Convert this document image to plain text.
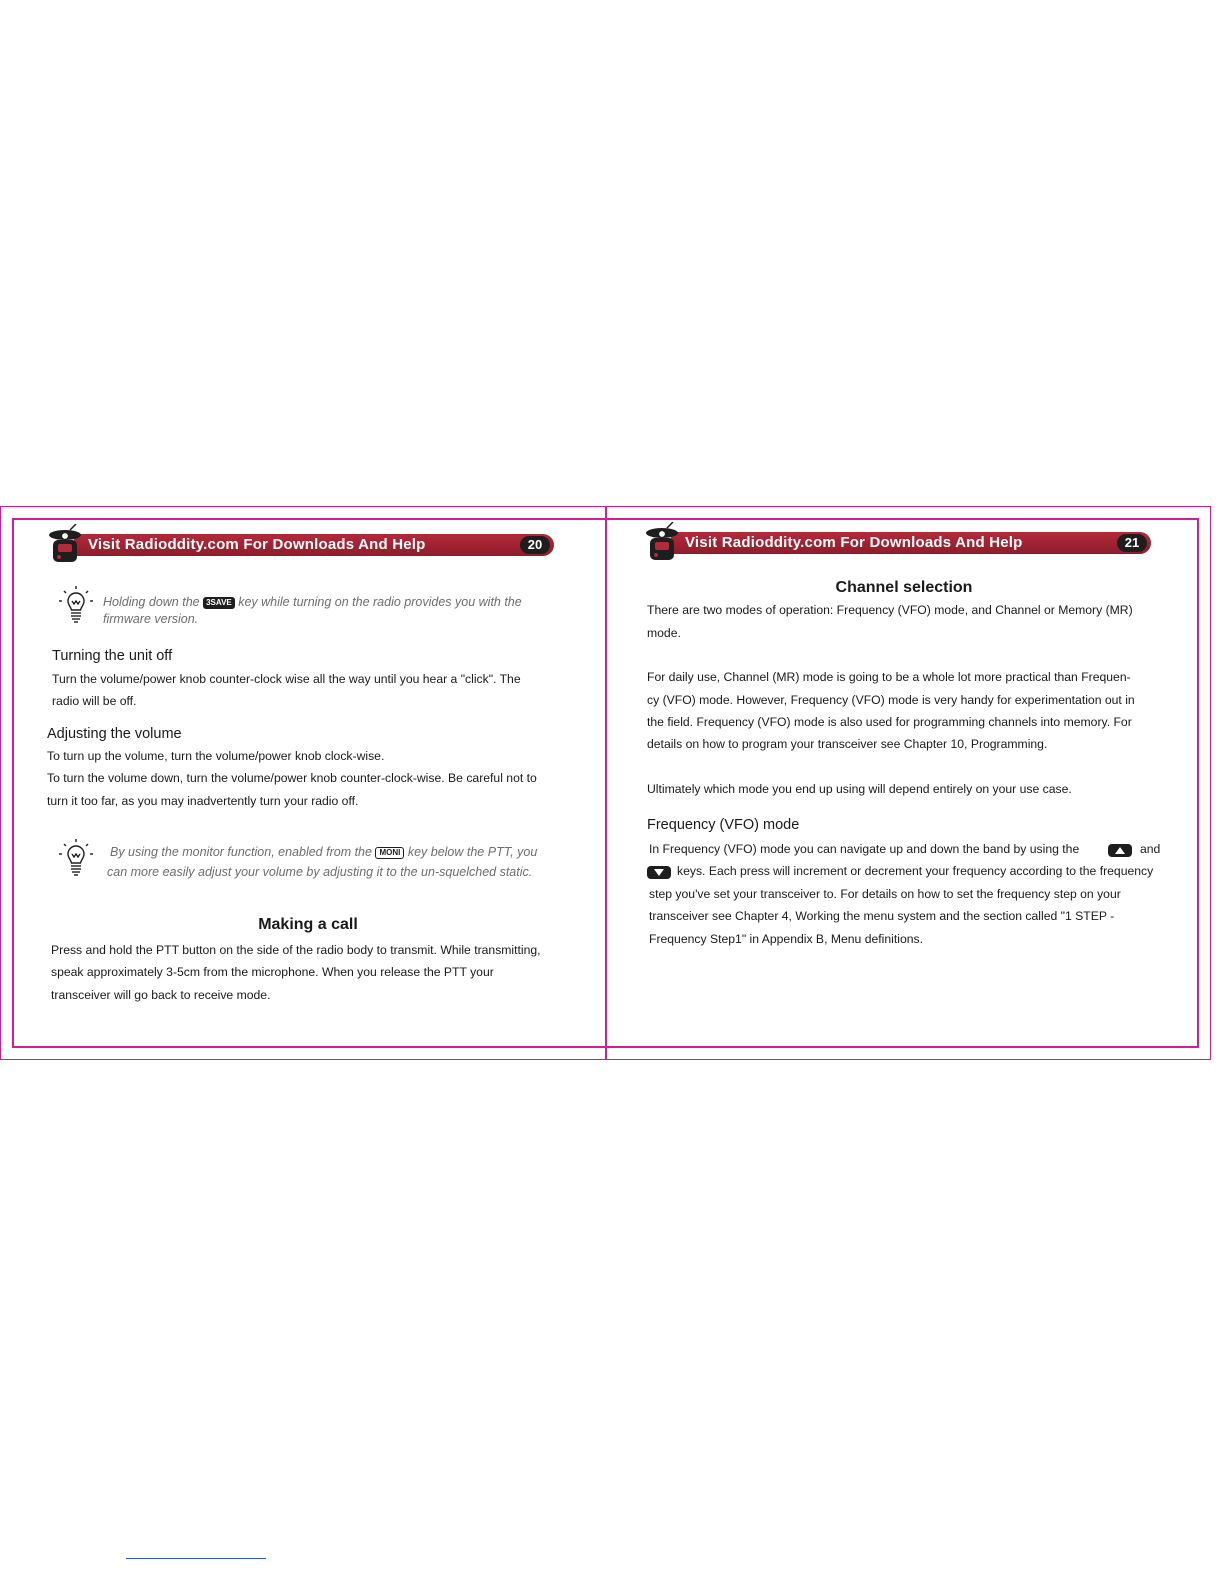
Visit Radioddity.com For Downloads And Help	20
Holding down the 3SAVE key while turning on the radio provides you with the
firmware version.
Turning the unit off
Turn the volume/power knob counter-clock wise all the way until you hear a "click". The
radio will be off.
Adjusting the volume
To turn up the volume, turn the volume/power knob clock-wise.
To turn the volume down, turn the volume/power knob counter-clock-wise. Be careful not to
turn it too far, as you may inadvertently turn your radio off.
By using the monitor function, enabled from the MONI key below the PTT, you
can more easily adjust your volume by adjusting it to the un-squelched static.
Making a call
Press and hold the PTT button on the side of the radio body to transmit. While transmitting,
speak approximately 3-5cm from the microphone. When you release the PTT your
transceiver will go back to receive mode.
Visit Radioddity.com For Downloads And Help	21
Channel selection
There are two modes of operation: Frequency (VFO) mode, and Channel or Memory (MR)
mode.
For daily use, Channel (MR) mode is going to be a whole lot more practical than Frequen-
cy (VFO) mode. However, Frequency (VFO) mode is very handy for experimentation out in
the field. Frequency (VFO) mode is also used for programming channels into memory. For
details on how to program your transceiver see Chapter 10, Programming.
Ultimately which mode you end up using will depend entirely on your use case.
Frequency (VFO) mode
In Frequency (VFO) mode you can navigate up and down the band by using the	and
keys. Each press will increment or decrement your frequency according to the frequency
step you've set your transceiver to. For details on how to set the frequency step on your
transceiver see Chapter 4, Working the menu system and the section called "1 STEP -
Frequency Step1" in Appendix B, Menu definitions.
